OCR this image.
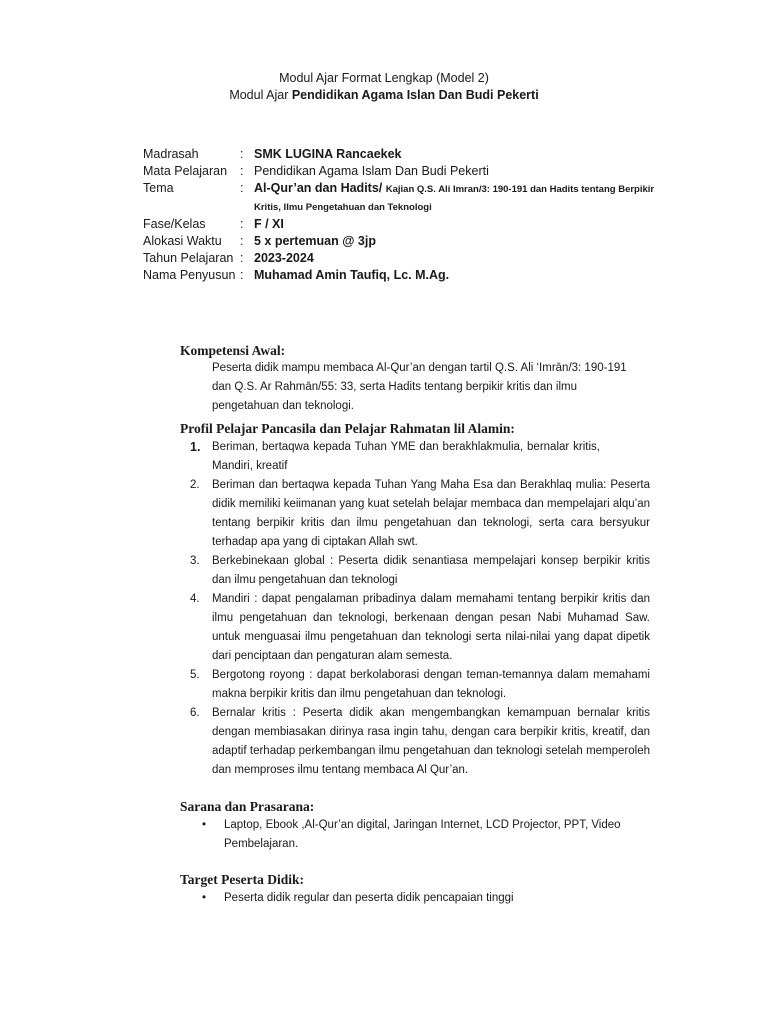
Modul Ajar Format Lengkap (Model 2)
Modul Ajar Pendidikan Agama Islan Dan Budi Pekerti
Madrasah	: SMK LUGINA Rancaekek
Mata Pelajaran	: Pendidikan Agama Islam Dan Budi Pekerti
Tema	: Al-Qur’an dan Hadits/ Kajian Q.S. Ali Imran/3: 190-191 dan Hadits tentang Berpikir
Kritis, Ilmu Pengetahuan dan Teknologi
Fase/Kelas	: F / XI
Alokasi Waktu	: 5 x pertemuan @ 3jp
Tahun Pelajaran : 2023-2024
Nama Penyusun : Muhamad Amin Taufiq, Lc. M.Ag.
Kompetensi Awal:

Peserta didik mampu membaca Al-Qur’an dengan tartil Q.S. Ali ‘Imrān/3: 190-191

dan Q.S. Ar Rahmān/55: 33, serta Hadits tentang berpikir kritis dan ilmu

pengetahuan dan teknologi.

Profil Pelajar Pancasila dan Pelajar Rahmatan lil Alamin:
1.	Beriman, bertaqwa kepada Tuhan YME dan berakhlakmulia, bernalar kritis, Mandiri, kreatif
2.	Beriman dan bertaqwa kepada Tuhan Yang Maha Esa dan Berakhlaq mulia: Peserta didik memiliki keiimanan yang kuat setelah belajar membaca dan mempelajari alqu’an tentang berpikir kritis dan ilmu pengetahuan dan teknologi, serta cara bersyukur terhadap apa yang di ciptakan Allah swt.
3.	Berkebinekaan global : Peserta didik senantiasa mempelajari konsep berpikir kritis dan ilmu pengetahuan dan teknologi
4.	Mandiri : dapat pengalaman pribadinya dalam memahami tentang berpikir kritis dan ilmu pengetahuan dan teknologi, berkenaan dengan pesan Nabi Muhamad Saw. untuk menguasai ilmu pengetahuan dan teknologi serta nilai-nilai yang dapat dipetik dari penciptaan dan pengaturan alam semesta.
5.	Bergotong royong : dapat berkolaborasi dengan teman-temannya dalam memahami makna berpikir kritis dan ilmu pengetahuan dan teknologi.
6.	Bernalar kritis : Peserta didik akan mengembangkan kemampuan bernalar kritis dengan membiasakan dirinya rasa ingin tahu, dengan cara berpikir kritis, kreatif, dan adaptif terhadap perkembangan ilmu pengetahuan dan teknologi setelah memperoleh dan memproses ilmu tentang membaca Al Qur’an.
Sarana dan Prasarana:
•	Laptop, Ebook ,Al-Qur’an digital, Jaringan Internet, LCD Projector, PPT, Video Pembelajaran.
Target Peserta Didik:
•	Peserta didik regular dan peserta didik pencapaian tinggi
